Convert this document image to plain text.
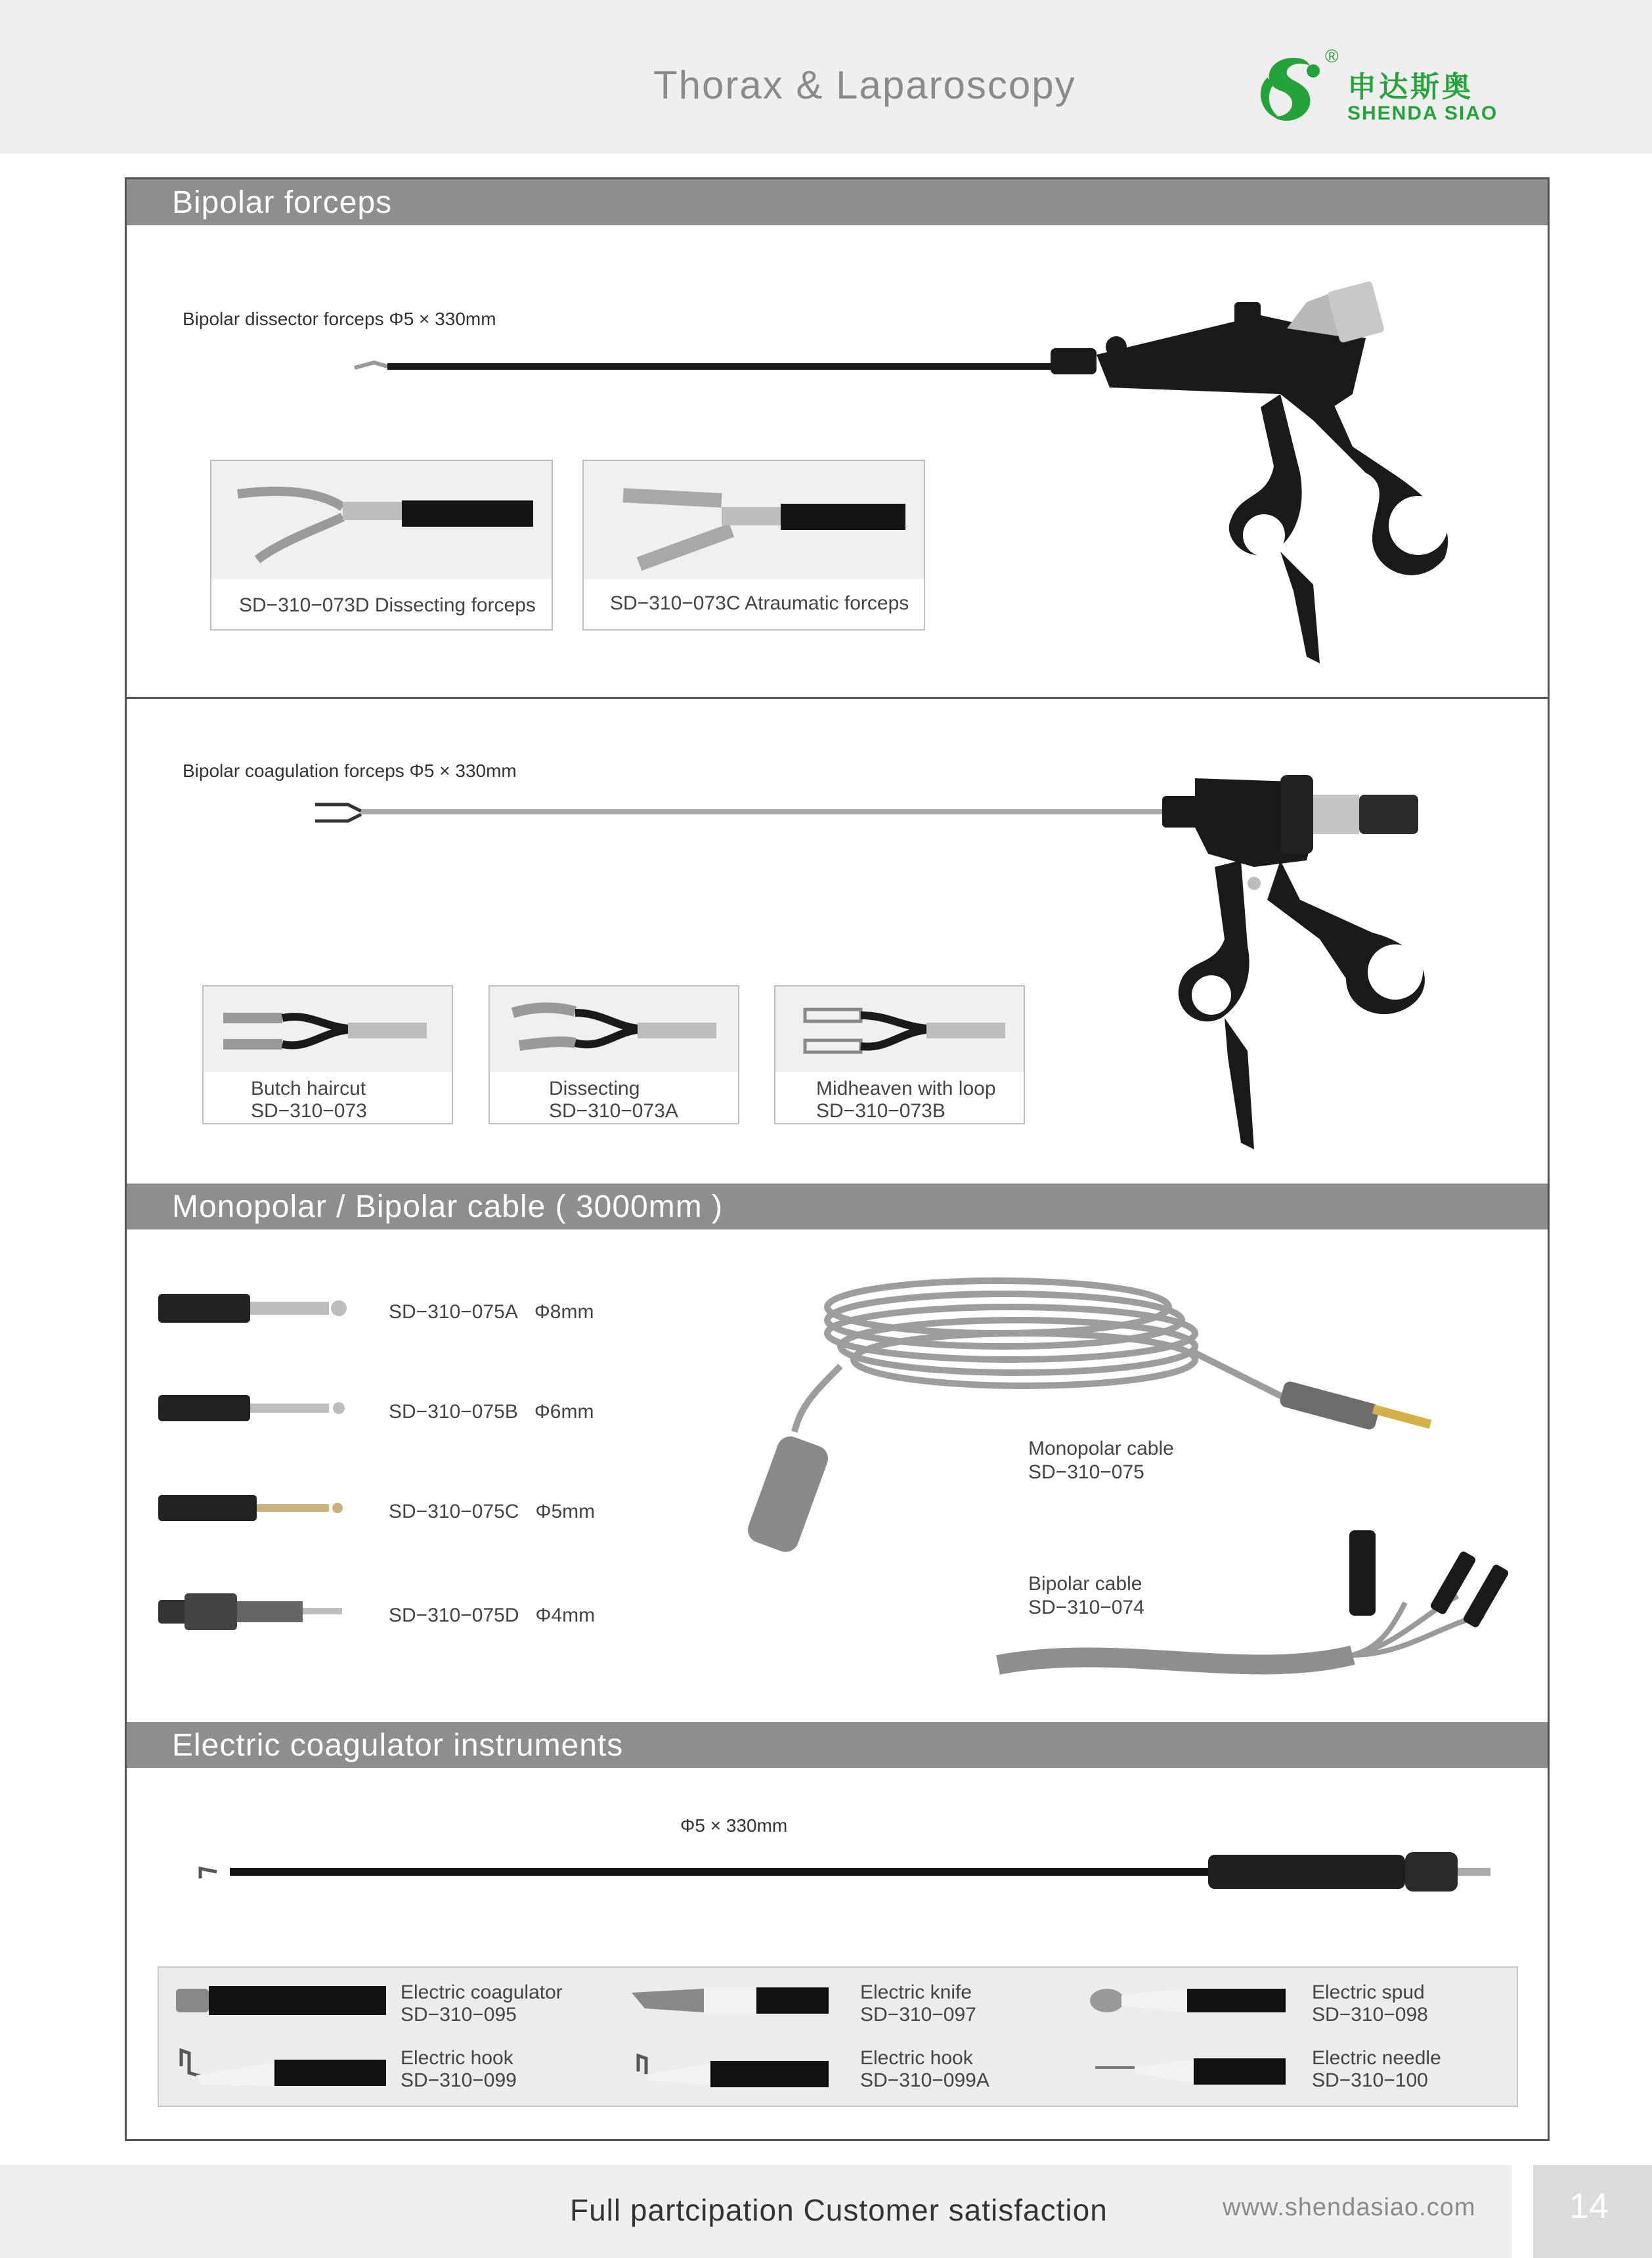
Thorax & Laparoscopy
®
申达斯奥
SHENDA SIAO
Bipolar forceps
Bipolar dissector forceps Φ5 × 330mm
SD−310−073D Dissecting forceps	SD−310−073C Atraumatic forceps
Bipolar coagulation forceps Φ5 × 330mm
Butch haircut
SD−310−073
Dissecting
SD−310−073A
Midheaven with loop
SD−310−073B
Monopolar / Bipolar cable ( 3000mm )
SD−310−075A Φ8mm
SD−310−075B Φ6mm
SD−310−075C Φ5mm
SD−310−075D Φ4mm
Monopolar cable
SD−310−075
Bipolar cable
SD−310−074
Electric coagulator instruments
Φ5 × 330mm
Electric coagulator
SD−310−095
Electric knife
SD−310−097
Electric spud
SD−310−098
Electric hook
SD−310−099
Electric hook
SD−310−099A
Electric needle
SD−310−100
Full partcipation Customer satisfaction	www.shendasiao.com	14
